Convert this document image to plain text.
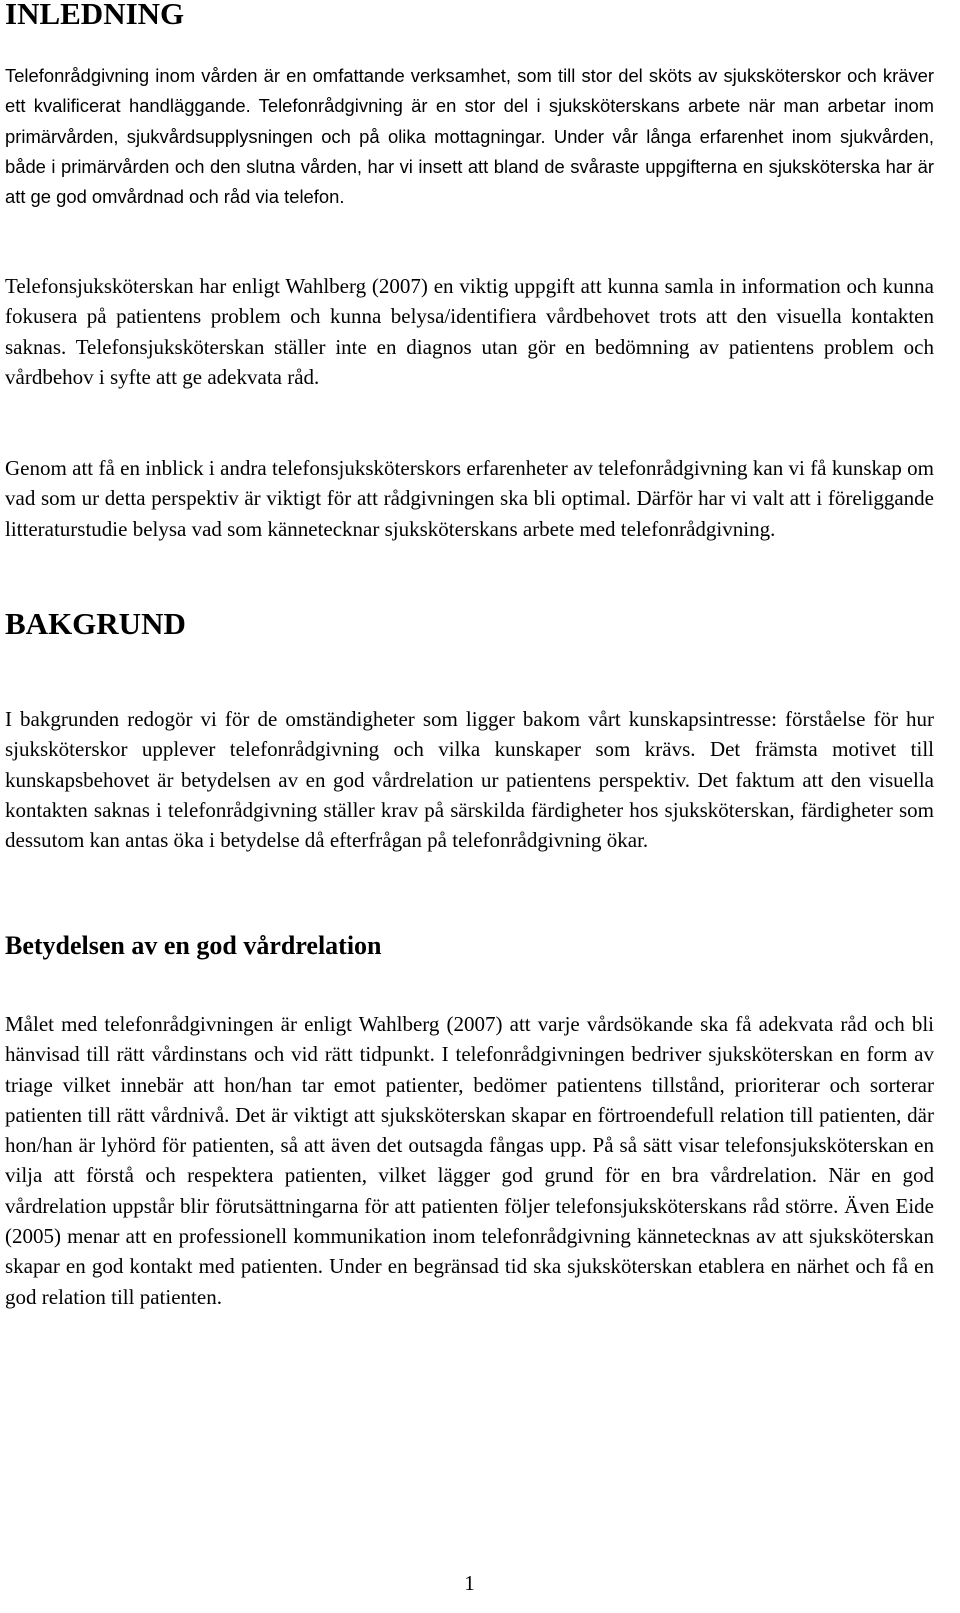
INLEDNING

Telefonrådgivning inom vården är en omfattande verksamhet, som till stor del sköts av sjuksköterskor och kräver ett kvalificerat handläggande. Telefonrådgivning är en stor del i sjuksköterskans arbete när man arbetar inom primärvården, sjukvårdsupplysningen och på olika mottagningar. Under vår långa erfarenhet inom sjukvården, både i primärvården och den slutna vården, har vi insett att bland de svåraste uppgifterna en sjuksköterska har är att ge god omvårdnad och råd via telefon.

Telefonsjuksköterskan har enligt Wahlberg (2007) en viktig uppgift att kunna samla in information och kunna fokusera på patientens problem och kunna belysa/identifiera vårdbehovet trots att den visuella kontakten saknas. Telefonsjuksköterskan ställer inte en diagnos utan gör en bedömning av patientens problem och vårdbehov i syfte att ge adekvata råd.

Genom att få en inblick i andra telefonsjuksköterskors erfarenheter av telefonrådgivning kan vi få kunskap om vad som ur detta perspektiv är viktigt för att rådgivningen ska bli optimal. Därför har vi valt att i föreliggande litteraturstudie belysa vad som kännetecknar sjuksköterskans arbete med telefonrådgivning.

BAKGRUND

I bakgrunden redogör vi för de omständigheter som ligger bakom vårt kunskapsintresse: förståelse för hur sjuksköterskor upplever telefonrådgivning och vilka kunskaper som krävs. Det främsta motivet till kunskapsbehovet är betydelsen av en god vårdrelation ur patientens perspektiv. Det faktum att den visuella kontakten saknas i telefonrådgivning ställer krav på särskilda färdigheter hos sjuksköterskan, färdigheter som dessutom kan antas öka i betydelse då efterfrågan på telefonrådgivning ökar.

Betydelsen av en god vårdrelation

Målet med telefonrådgivningen är enligt Wahlberg (2007) att varje vårdsökande ska få adekvata råd och bli hänvisad till rätt vårdinstans och vid rätt tidpunkt. I telefonrådgivningen bedriver sjuksköterskan en form av triage vilket innebär att hon/han tar emot patienter, bedömer patientens tillstånd, prioriterar och sorterar patienten till rätt vårdnivå. Det är viktigt att sjuksköterskan skapar en förtroendefull relation till patienten, där hon/han är lyhörd för patienten, så att även det outsagda fångas upp. På så sätt visar telefonsjuksköterskan en vilja att förstå och respektera patienten, vilket lägger god grund för en bra vårdrelation. När en god vårdrelation uppstår blir förutsättningarna för att patienten följer telefonsjuksköterskans råd större. Även Eide (2005) menar att en professionell kommunikation inom telefonrådgivning kännetecknas av att sjuksköterskan skapar en god kontakt med patienten. Under en begränsad tid ska sjuksköterskan etablera en närhet och få en god relation till patienten.

1
